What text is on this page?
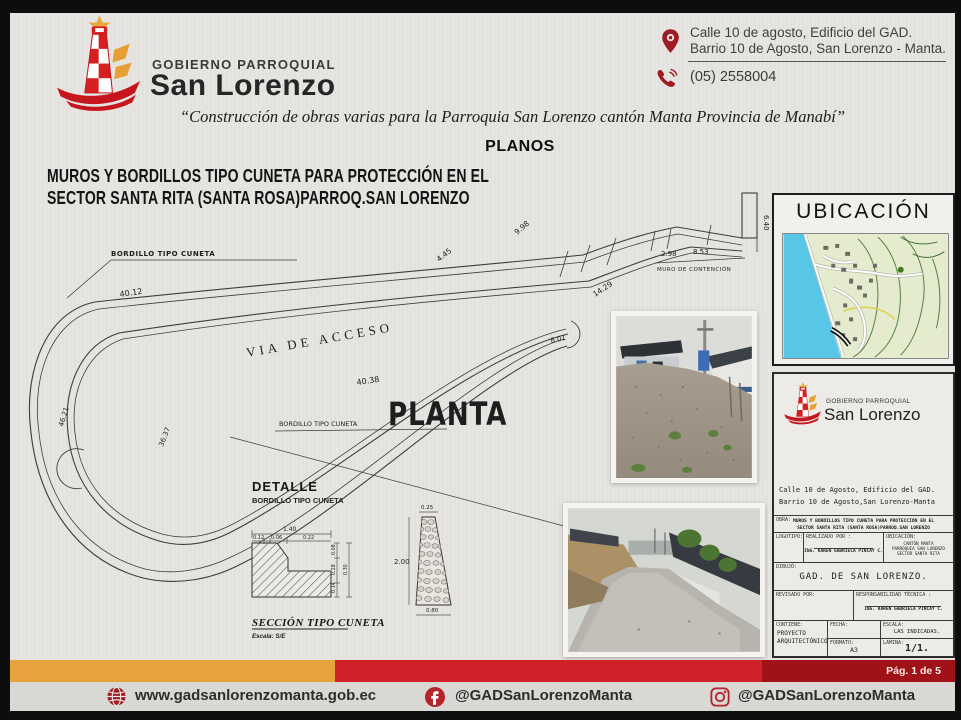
GOBIERNO PARROQUIAL
San Lorenzo
Calle 10 de agosto, Edificio del GAD.
Barrio 10 de Agosto, San Lorenzo - Manta.
(05) 2558004
“Construcción de obras varias para la Parroquia San Lorenzo cantón Manta Provincia de Manabí”
PLANOS
MUROS Y BORDILLOS TIPO CUNETA PARA PROTECCIÓN EN EL
SECTOR SANTA RITA (SANTA ROSA)PARROQ.SAN LORENZO
BORDILLO TIPO CUNETA
40.12
VIA DE ACCESO
40.38
PLANTA
BORDILLO TIPO CUNETA
4.45
9.98
14.29
2.98 8.53
MURO DE CONTENCIÓN
6.40
8.01
46.21
36.37
DETALLE
BORDILLO TIPO CUNETA
1.40
0.12 0.06	0.22
0.08
0.28
0.14
0.30
0.25
2.00
0.80
SECCIÓN TIPO CUNETA
Escala: S/E
UBICACIÓN
GOBIERNO PARROQUIAL
San Lorenzo
Calle 10 de Agosto, Edificio del GAD.
Barrio 10 de Agosto,San Lorenzo-Manta
OBRA: MUROS Y BORDILLOS TIPO CUNETA PARA PROTECCIÓN EN EL
SECTOR SANTA RITA (SANTA ROSA)PARROQ.SAN LORENZO
LOGOTIPO: REALIZADO POR :
ING. KAREN GABRIELA PINCAY C.
UBICACIÓN:
CANTÓN MANTA
PARROQUIA SAN LORENZO
SECTOR SANTA RITA
DIBUJÓ:
GAD. DE SAN LORENZO.
REVISADO POR:	RESPONSABILIDAD TÉCNICA :
ING. KAREN GABRIELA PINCAY C.
CONTIENE:
PROYECTO
ARQUITECTÓNICO
FECHA:
FORMATO:
A3
ESCALA:
LAS INDICADAS.
LAMINA: 1/1.
Pág. 1 de 5
www.gadsanlorenzomanta.gob.ec	@GADSanLorenzoManta	@GADSanLorenzoManta
